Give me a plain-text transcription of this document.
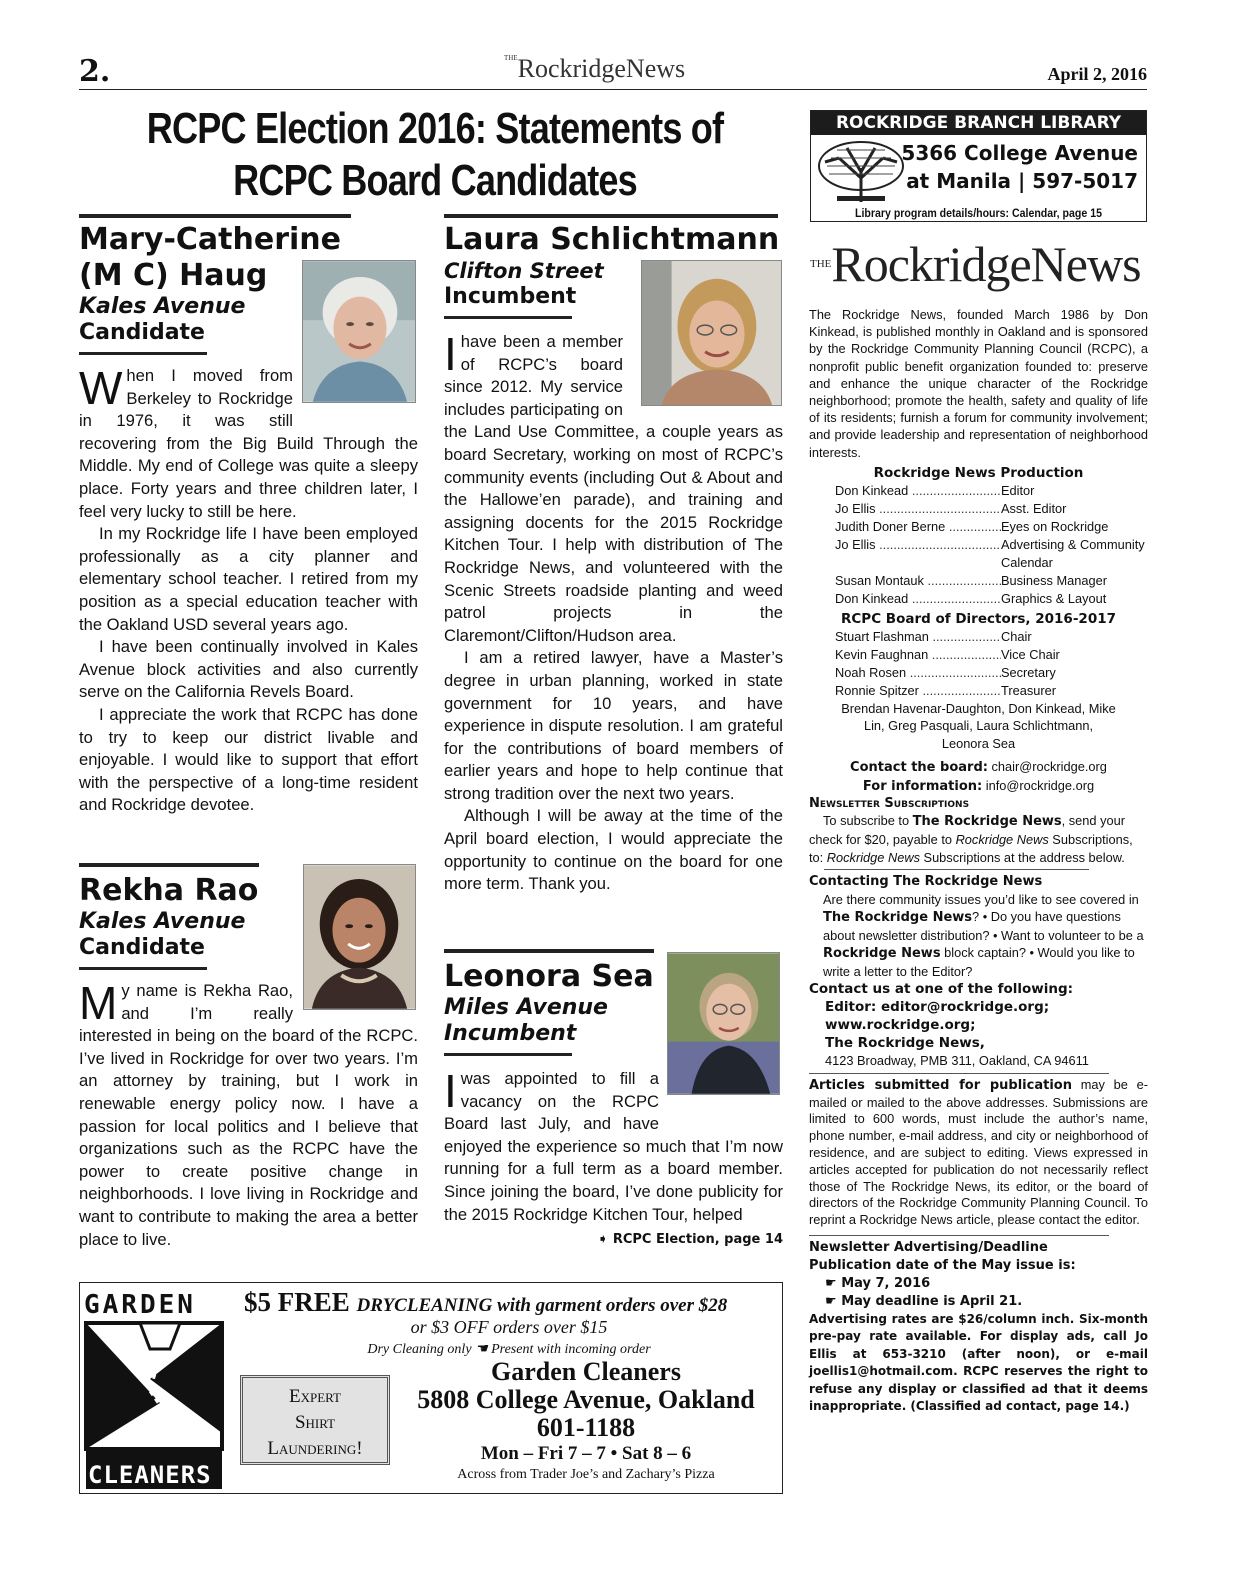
2.	$^{THE}$RockridgeNews	April 2, 2016
RCPC Election 2016: Statements of
RCPC Board Candidates
Mary-Catherine
(M C) Haug
Kales Avenue
Candidate

When I moved from Berkeley to Rockridge in 1976, it was still recovering from the Big Build Through the Middle. My end of College was quite a sleepy place. Forty years and three children later, I feel very lucky to still be here.

In my Rockridge life I have been employed professionally as a city planner and elementary school teacher. I retired from my position as a special education teacher with the Oakland USD several years ago.

I have been continually involved in Kales Avenue block activities and also currently serve on the California Revels Board.

I appreciate the work that RCPC has done to try to keep our district livable and enjoyable. I would like to support that effort with the perspective of a long-time resident and Rockridge devotee.

Rekha Rao
Kales Avenue
Candidate

My name is Rekha Rao, and I’m really interested in being on the board of the RCPC. I’ve lived in Rockridge for over two years. I’m an attorney by training, but I work in renewable energy policy now. I have a passion for local politics and I believe that organizations such as the RCPC have the power to create positive change in neighborhoods. I love living in Rockridge and want to contribute to making the area a better place to live.

Laura Schlichtmann
Clifton Street
Incumbent

Ihave been a member of RCPC’s board since 2012. My service includes participating on the Land Use Committee, a couple years as board Secretary, working on most of RCPC’s community events (including Out & About and the Hallowe’en parade), and training and assigning docents for the 2015 Rockridge Kitchen Tour. I help with distribution of The Rockridge News, and volunteered with the Scenic Streets roadside planting and weed patrol projects in the Claremont/Clifton/Hudson area.

I am a retired lawyer, have a Master’s degree in urban planning, worked in state government for 10 years, and have experience in dispute resolution. I am grateful for the contributions of board members of earlier years and hope to help continue that strong tradition over the next two years.

Although I will be away at the time of the April board election, I would appreciate the opportunity to continue on the board for one more term. Thank you.

Leonora Sea
Miles Avenue
Incumbent

Iwas appointed to fill a vacancy on the RCPC Board last July, and have enjoyed the experience so much that I’m now running for a full term as a board member. Since joining the board, I’ve done publicity for the 2015 Rockridge Kitchen Tour, helped

➧ RCPC Election, page 14
ROCKRIDGE BRANCH LIBRARY
5366 College Avenue
at Manila | 597-5017
Library program details/hours: Calendar, page 15
$^{THE}$RockridgeNews

The Rockridge News, founded March 1986 by Don Kinkead, is published monthly in Oakland and is sponsored by the Rockridge Community Planning Council (RCPC), a nonprofit public benefit organization founded to: preserve and enhance the unique character of the Rockridge neighborhood; promote the health, safety and quality of life of its residents; furnish a forum for community involvement; and provide leadership and representation of neighborhood interests.

Rockridge News Production
Don Kinkead .....	Editor
Jo Ellis .....	Asst. Editor
Judith Doner Berne .....	Eyes on Rockridge
Jo Ellis .....	Advertising & Community Calendar
Susan Montauk .....	Business Manager
Don Kinkead .....	Graphics & Layout
RCPC Board of Directors, 2016-2017
Stuart Flashman .....	Chair
Kevin Faughnan .....	Vice Chair
Noah Rosen .....	Secretary
Ronnie Spitzer .....	Treasurer

Brendan Havenar-Daughton, Don Kinkead, Mike Lin, Greg Pasquali, Laura Schlichtmann, Leonora Sea

Contact the board: chair@rockridge.org

For information: info@rockridge.org

Newsletter Subscriptions

To subscribe to The Rockridge News, send your check for $20, payable to Rockridge News Subscriptions, to: Rockridge News Subscriptions at the address below.

Contacting The Rockridge News

Are there community issues you’d like to see covered in The Rockridge News? • Do you have questions about newsletter distribution? • Want to volunteer to be a Rockridge News block captain? • Would you like to write a letter to the Editor?

Contact us at one of the following:
Editor: editor@rockridge.org;
www.rockridge.org;
The Rockridge News,
4123 Broadway, PMB 311, Oakland, CA 94611

Articles submitted for publication may be e-mailed or mailed to the above addresses. Submissions are limited to 600 words, must include the author’s name, phone number, e-mail address, and city or neighborhood of residence, and are subject to editing. Views expressed in articles accepted for publication do not necessarily reflect those of The Rockridge News, its editor, or the board of directors of the Rockridge Community Planning Council. To reprint a Rockridge News article, please contact the editor.

Newsletter Advertising/Deadline
Publication date of the May issue is:
☛ May 7, 2016
☛ May deadline is April 21.

Advertising rates are $26/column inch. Six-month pre-pay rate available. For display ads, call Jo Ellis at 653-3210 (after noon), or e-mail joellis1@hotmail.com. RCPC reserves the right to refuse any display or classified ad that it deems inappropriate. (Classified ad contact, page 14.)

GARDEN
CLEANERS
$5 FREE DRYCLEANING with garment orders over $28
or $3 OFF orders over $15
Dry Cleaning only ☚ Present with incoming order
Expert
Shirt
Laundering!
Garden Cleaners
5808 College Avenue, Oakland
601-1188
Mon – Fri 7 – 7 • Sat 8 – 6
Across from Trader Joe’s and Zachary’s Pizza
